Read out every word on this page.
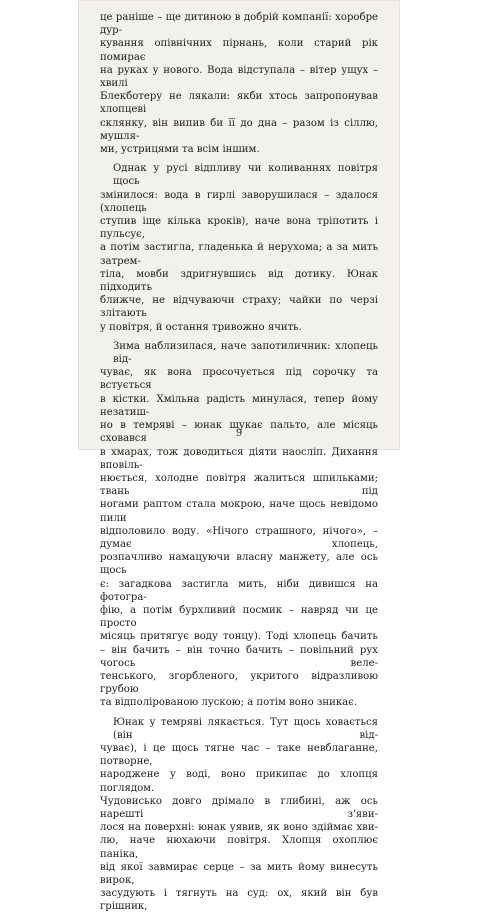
це раніше – ще дитиною в добрій компанії: хоробре дур-
кування опівнічних пірнань, коли старий рік помирає
на руках у нового. Вода відступала – вітер ущух – хвилі
Блекботеру не лякали: якби хтось запропонував хлопцеві
склянку, він випив би її до дна – разом із сіллю, мушля-
ми, устрицями та всім іншим.
Однак у русі відпливу чи коливаннях повітря щось
змінилося: вода в гирлі заворушилася – здалося (хлопець
ступив іще кілька кроків), наче вона тріпотить і пульсує,
а потім застигла, гладенька й нерухома; а за мить затрем-
тіла, мовби здригнувшись від дотику. Юнак підходить
ближче, не відчуваючи страху; чайки по черзі злітають
у повітря, й остання тривожно ячить.
Зима наблизилася, наче запотиличник: хлопець від-
чуває, як вона просочується під сорочку та встується
в кістки. Хмільна радість минулася, тепер йому незатиш-
но в темряві – юнак шукає пальто, але місяць сховався
в хмарах, тож доводиться діяти наосліп. Дихання вповіль-
нюється, холодне повітря жалиться шпильками; твань під
ногами раптом стала мокрою, наче щось невідомо пили
відполовило воду. «Нічого страшного, нічого», – думає хлопець,
розпачливо намацуючи власну манжету, але ось щось
є: загадкова застигла мить, ніби дивишся на фотогра-
фію, а потім бурхливий посмик – навряд чи це просто
місяць притягує воду тонцу). Тоді хлопець бачить
– він бачить – він точно бачить – повільний рух чогось веле-
тенського, згорбленого, укритого відразливою грубою
та відполірованою лускою; а потім воно зникає.
Юнак у темряві лякається. Тут щось ховається (він від-
чуває), і це щось тягне час – таке невблаганне, потворне,
народжене у воді, воно прикипає до хлопця поглядом.
Чудовисько довго дрімало в глибині, аж ось нарешті з'яви-
лося на поверхні: юнак уявив, як воно здіймає хви-
лю, наче нюхаючи повітря. Хлопця охоплює паніка,
від якої завмирає серце – за мить йому винесуть вирок,
засудують і тягнуть на суд: ох, який він був грішник,
9
